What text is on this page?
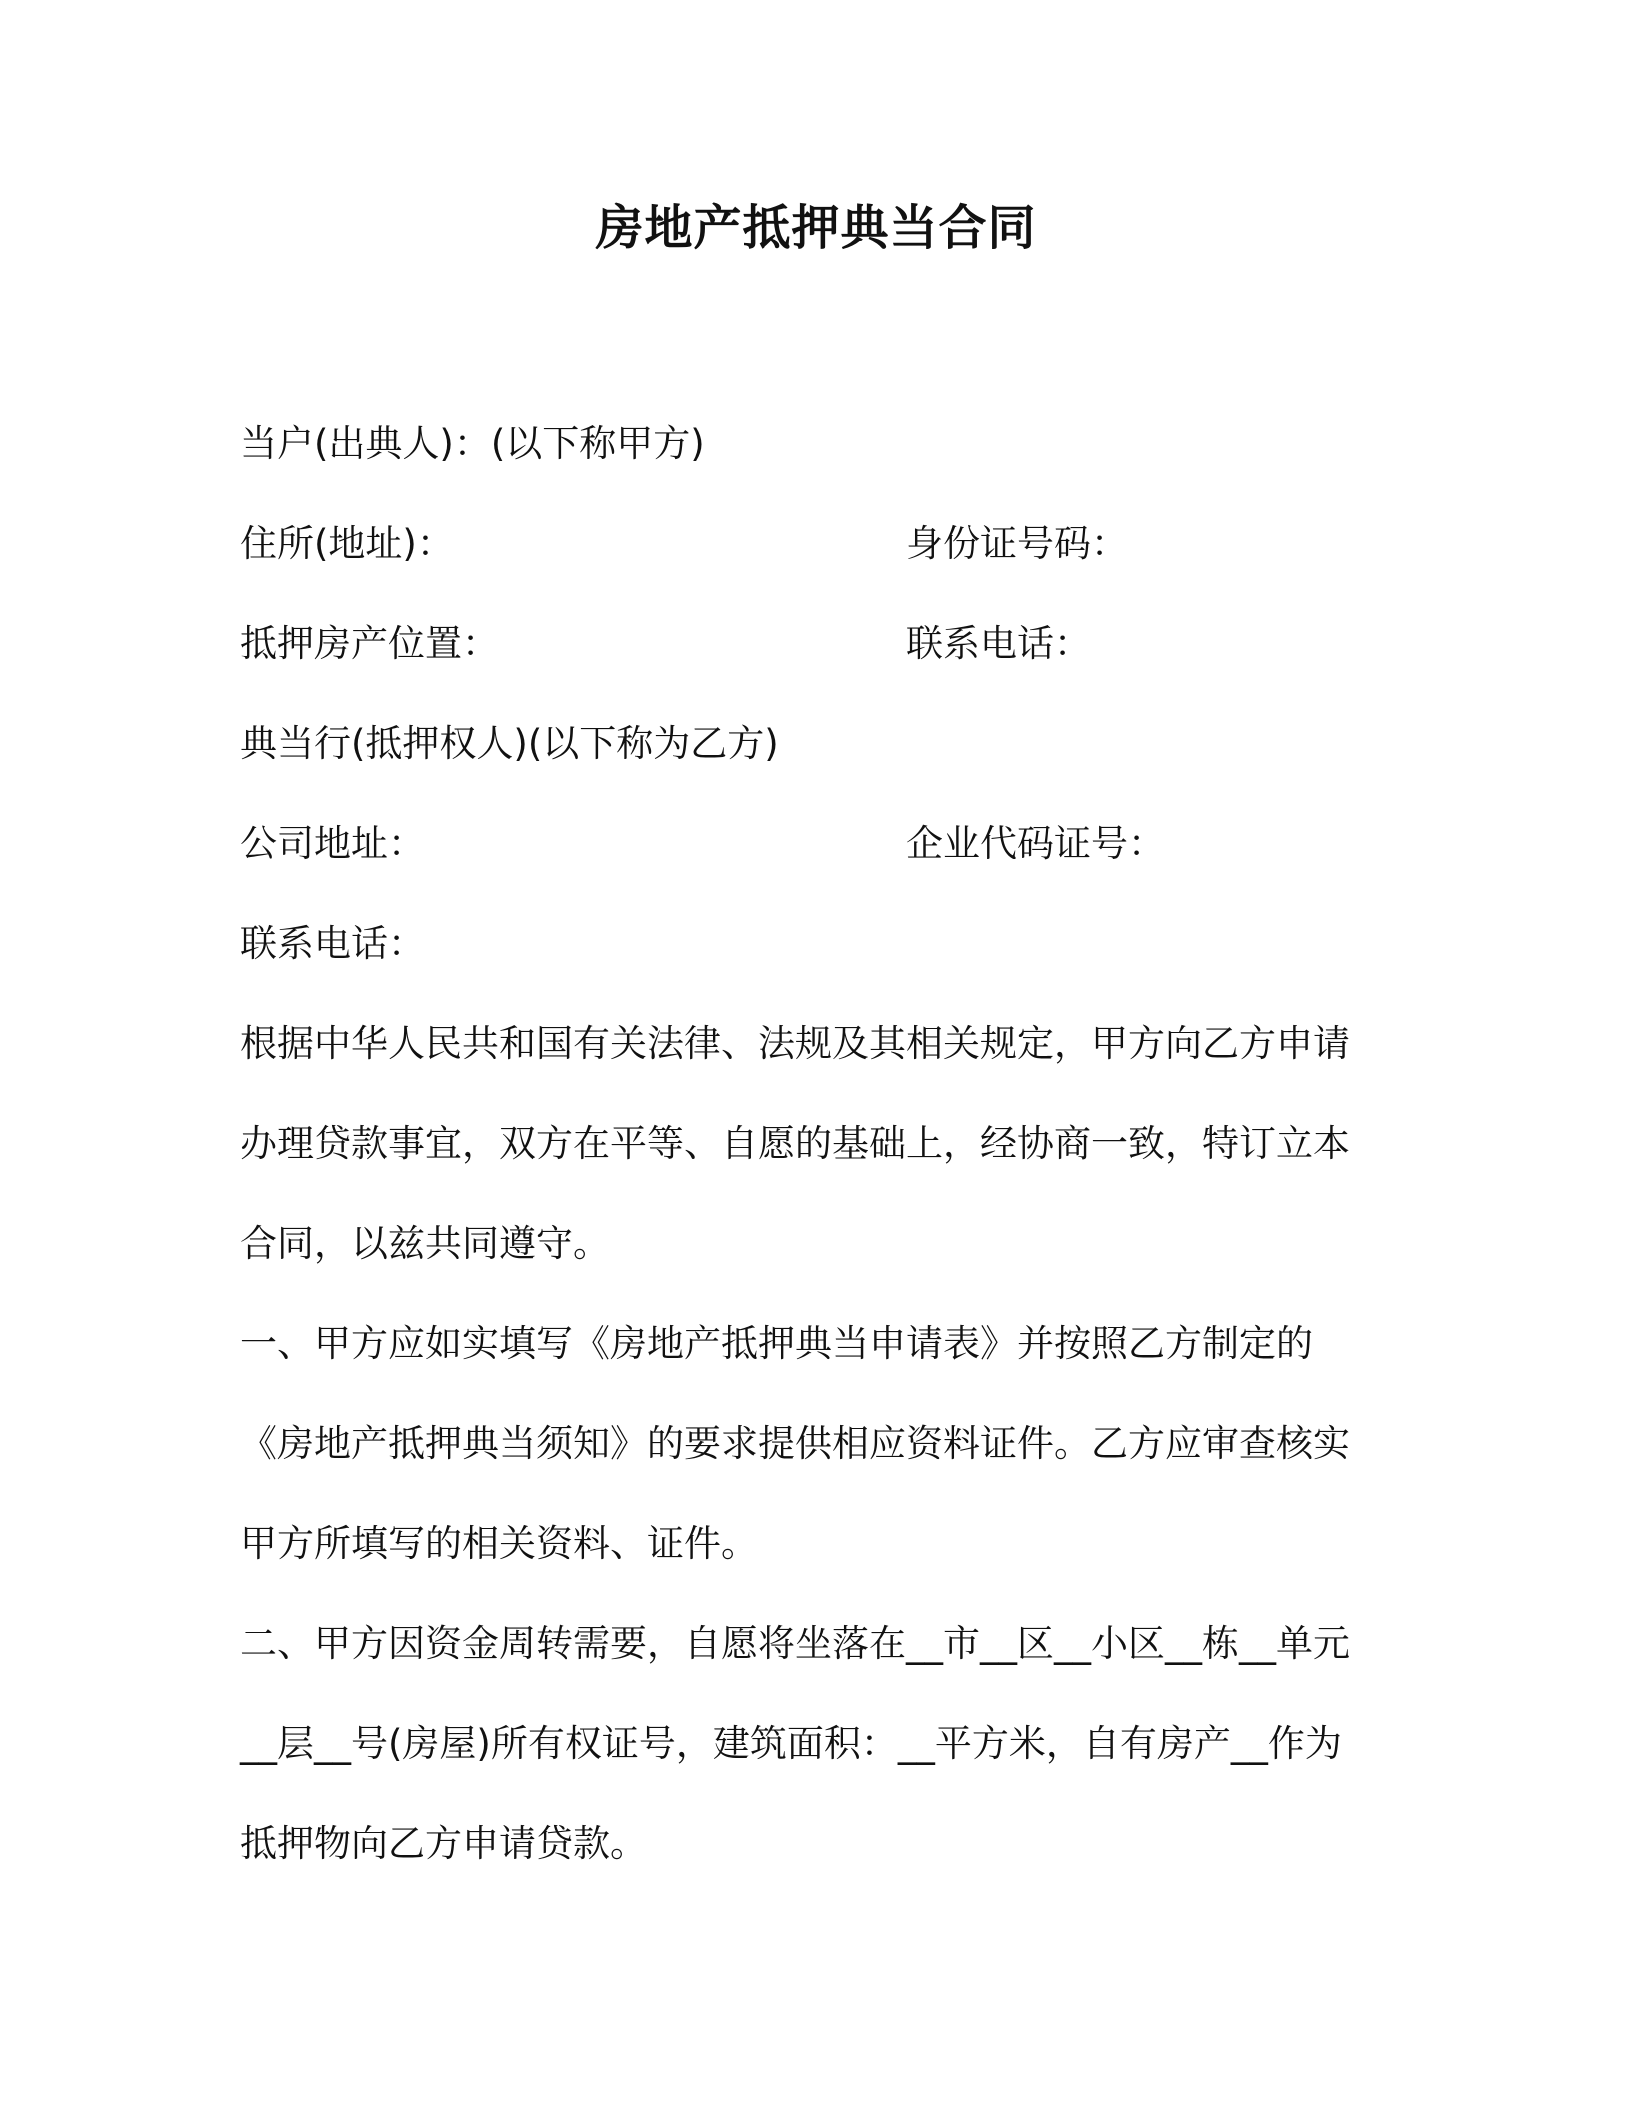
房地产抵押典当合同
当户(出典人)：(以下称甲方)
住所(地址)：	身份证号码：
抵押房产位置：	联系电话：
典当行(抵押权人)(以下称为乙方)
公司地址：	企业代码证号：
联系电话：
根据中华人民共和国有关法律、法规及其相关规定，甲方向乙方申请
办理贷款事宜，双方在平等、自愿的基础上，经协商一致，特订立本
合同，以兹共同遵守。
一、甲方应如实填写《房地产抵押典当申请表》并按照乙方制定的
《房地产抵押典当须知》的要求提供相应资料证件。乙方应审查核实
甲方所填写的相关资料、证件。
二、甲方因资金周转需要，自愿将坐落在__市__区__小区__栋__单元
__层__号(房屋)所有权证号，建筑面积：__平方米，自有房产__作为
抵押物向乙方申请贷款。
